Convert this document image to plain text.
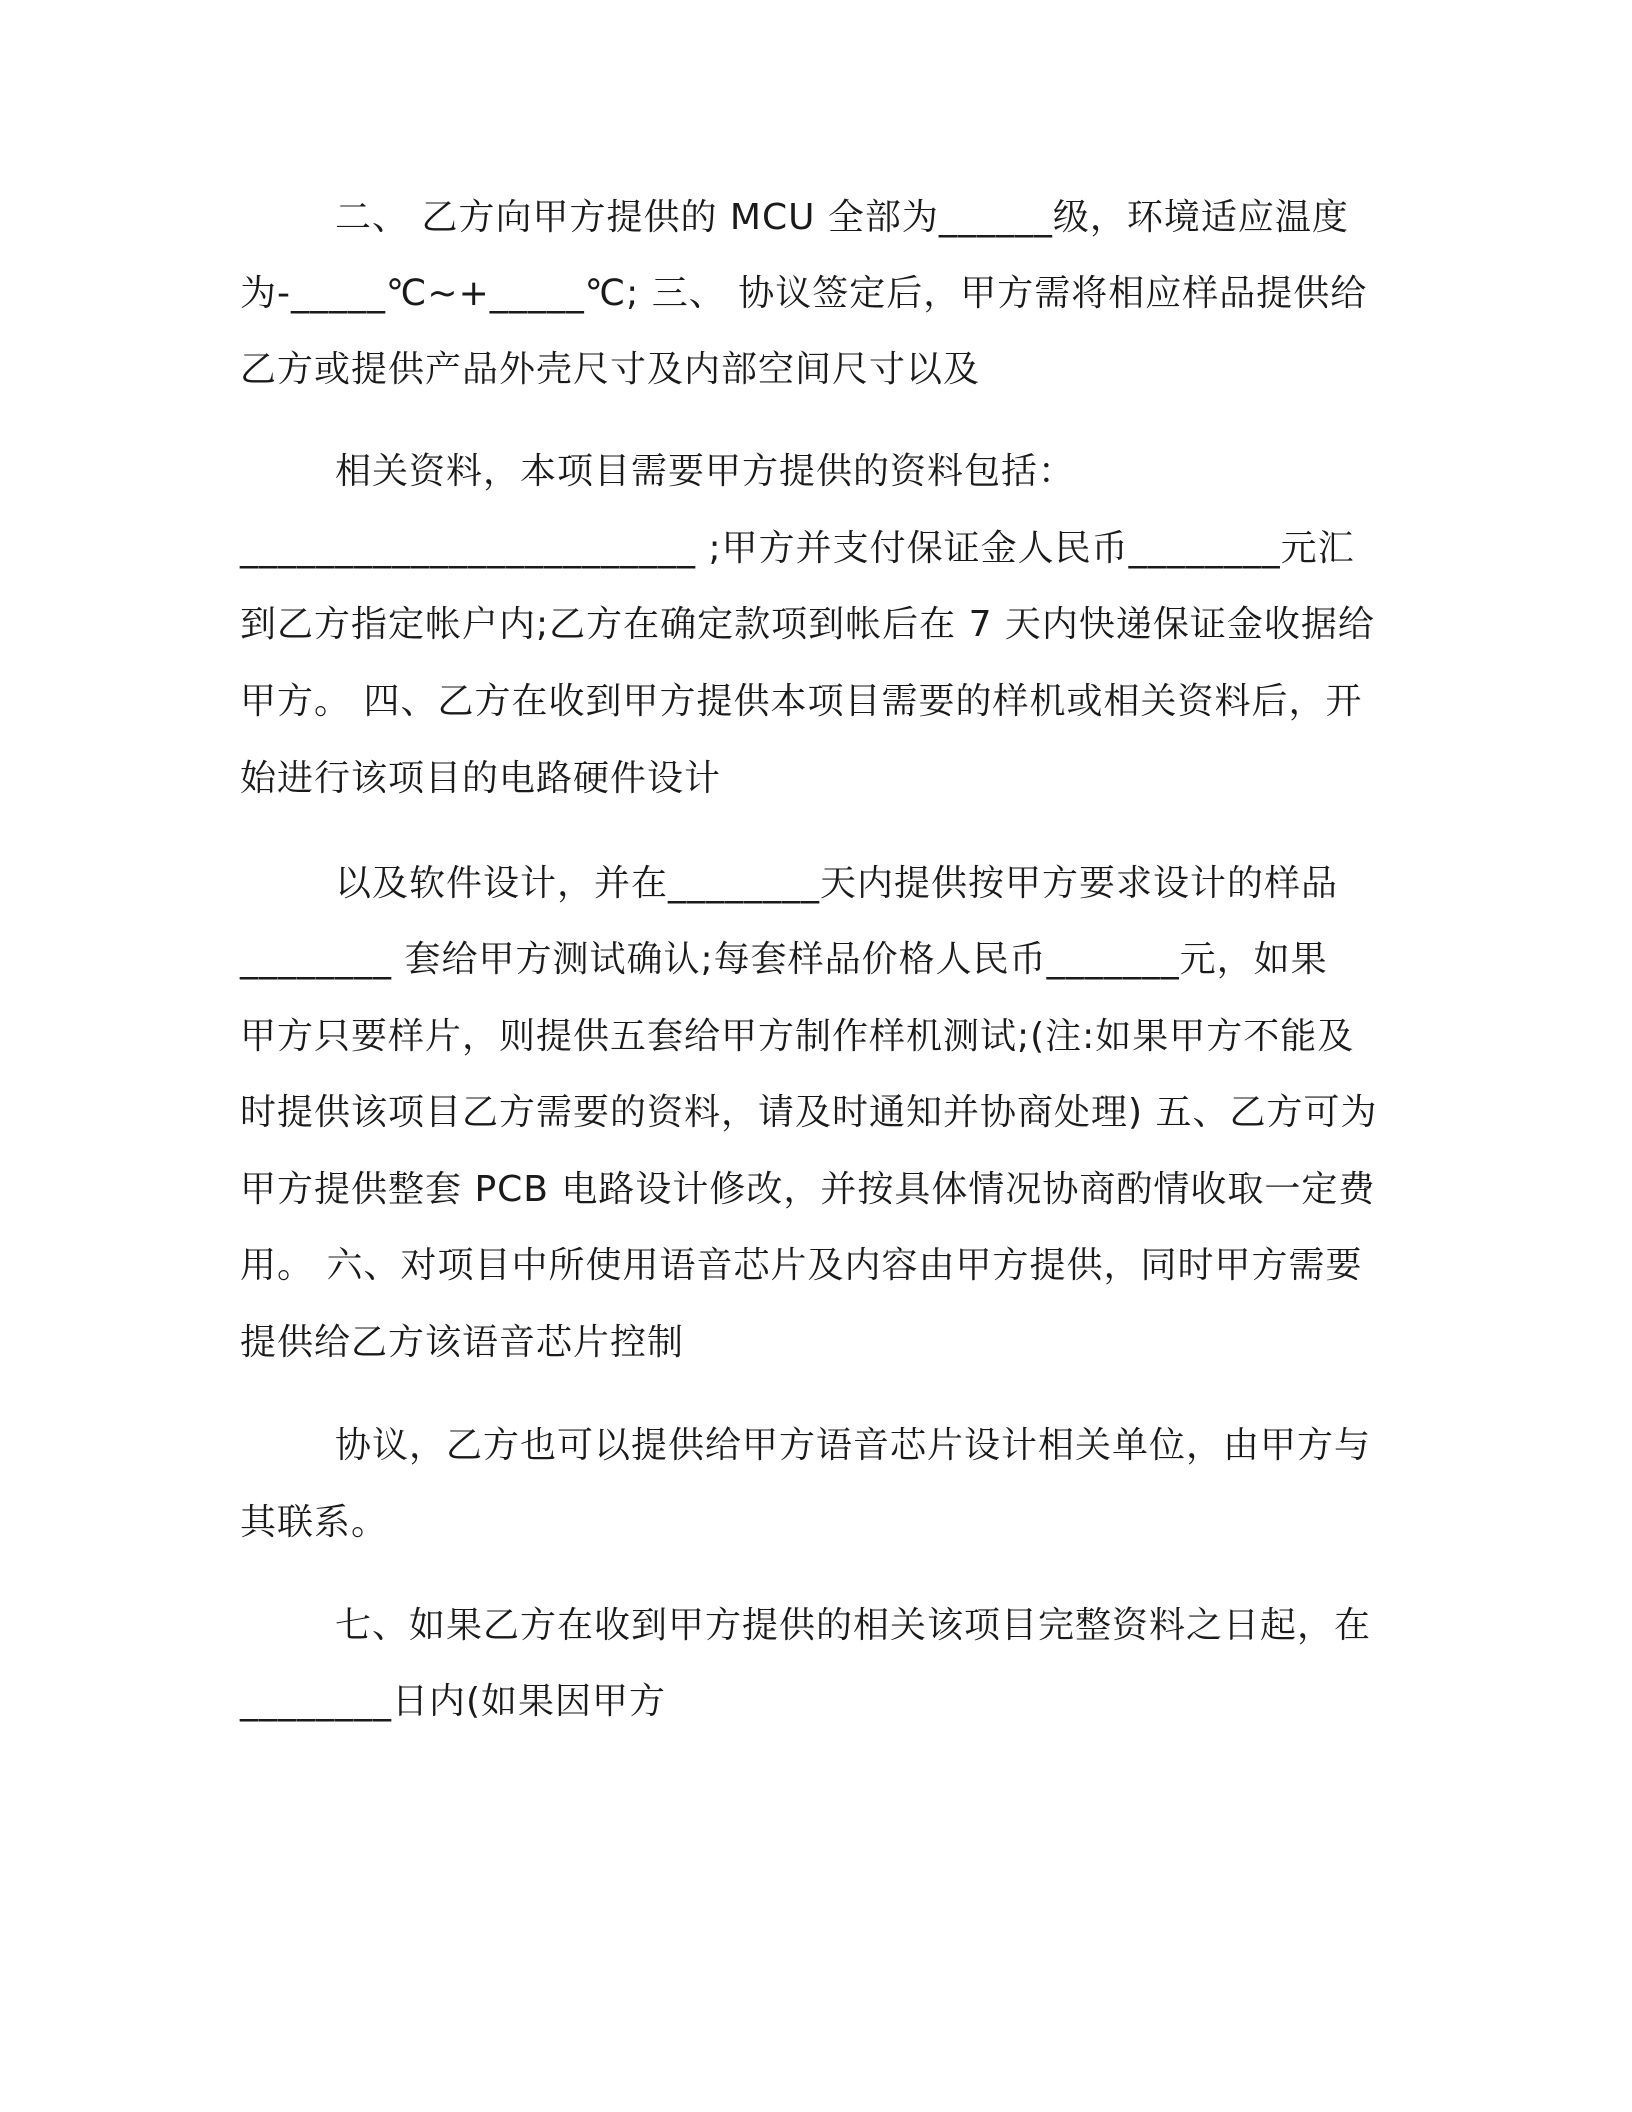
二、 乙方向甲方提供的 MCU 全部为______级，环境适应温度
为-_____℃~+_____℃; 三、 协议签定后，甲方需将相应样品提供给
乙方或提供产品外壳尺寸及内部空间尺寸以及
相关资料，本项目需要甲方提供的资料包括：
________________________ ;甲方并支付保证金人民币________元汇
到乙方指定帐户内;乙方在确定款项到帐后在 7 天内快递保证金收据给
甲方。 四、乙方在收到甲方提供本项目需要的样机或相关资料后，开
始进行该项目的电路硬件设计
以及软件设计，并在________天内提供按甲方要求设计的样品
________ 套给甲方测试确认;每套样品价格人民币_______元，如果
甲方只要样片，则提供五套给甲方制作样机测试;(注:如果甲方不能及
时提供该项目乙方需要的资料，请及时通知并协商处理) 五、乙方可为
甲方提供整套 PCB 电路设计修改，并按具体情况协商酌情收取一定费
用。 六、对项目中所使用语音芯片及内容由甲方提供，同时甲方需要
提供给乙方该语音芯片控制
协议，乙方也可以提供给甲方语音芯片设计相关单位，由甲方与
其联系。
七、如果乙方在收到甲方提供的相关该项目完整资料之日起，在
________日内(如果因甲方
